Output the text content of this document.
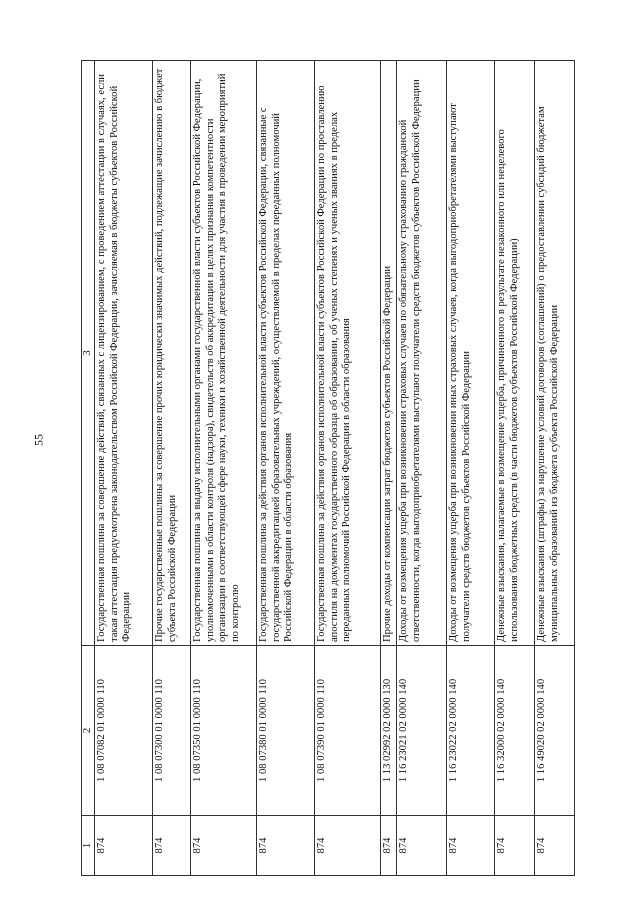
55
1	2	3
874	1 08 07082 01 0000 110	Государственная пошлина за совершение действий, связанных с лицензированием, с проведением аттестации в случаях, если такая аттестация предусмотрена законодательством Российской Федерации, зачисляемая в бюджеты субъектов Российской Федерации
874	1 08 07300 01 0000 110	Прочие государственные пошлины за совершение прочих юридически значимых действий, подлежащие зачислению в бюджет субъекта Российской Федерации
874	1 08 07350 01 0000 110	Государственная пошлина за выдачу исполнительными органами государственной власти субъектов Российской Федерации, уполномоченными в области контроля (надзора), свидетельств об аккредитации в целях признания компетентности организации в соответствующей сфере науки, техники и хозяйственной деятельности для участия в проведении мероприятий по контролю
874	1 08 07380 01 0000 110	Государственная пошлина за действия органов исполнительной власти субъектов Российской Федерации, связанные с государственной аккредитацией образовательных учреждений, осуществляемой в пределах переданных полномочий Российской Федерации в области образования
874	1 08 07390 01 0000 110	Государственная пошлина за действия органов исполнительной власти субъектов Российской Федерации по проставлению апостиля на документах государственного образца об образовании, об ученых степенях и ученых званиях в пределах переданных полномочий Российской Федерации в области образования
874	1 13 02992 02 0000 130	Прочие доходы от компенсации затрат бюджетов субъектов Российской Федерации
874	1 16 23021 02 0000 140	Доходы от возмещения ущерба при возникновении страховых случаев по обязательному страхованию гражданской ответственности, когда выгодоприобретателями выступают получатели средств бюджетов субъектов Российской Федерации
874	1 16 23022 02 0000 140	Доходы от возмещения ущерба при возникновении иных страховых случаев, когда выгодоприобретателями выступают получатели средств бюджетов субъектов Российской Федерации
874	1 16 32000 02 0000 140	Денежные взыскания, налагаемые в возмещение ущерба, причиненного в результате незаконного или нецелевого использования бюджетных средств (в части бюджетов субъектов Российской Федерации)
874	1 16 49020 02 0000 140	Денежные взыскания (штрафы) за нарушение условий договоров (соглашений) о предоставлении субсидий бюджетам муниципальных образований из бюджета субъекта Российской Федерации
